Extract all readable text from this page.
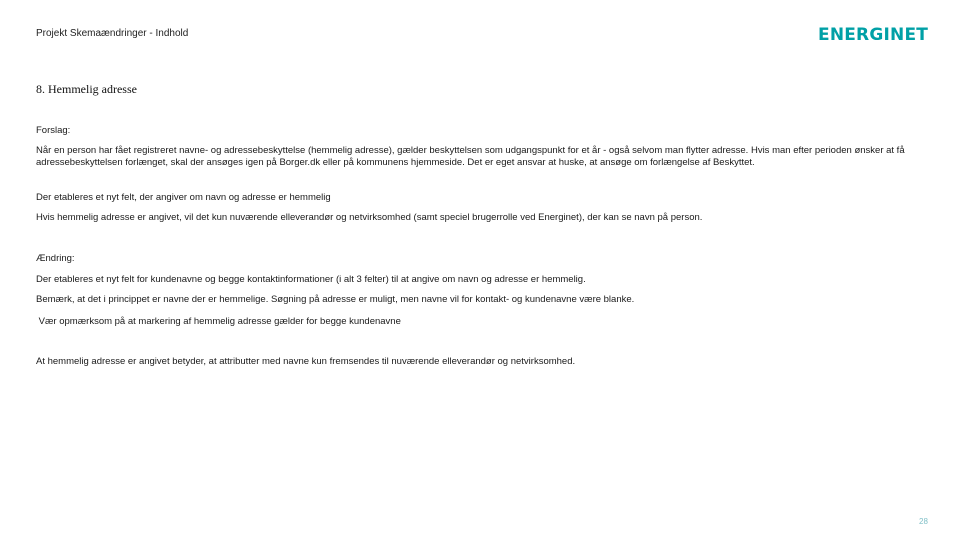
Projekt Skemaændringer - Indhold	ENERGINET
8. Hemmelig adresse
Forslag:
Når en person har fået registreret navne- og adressebeskyttelse (hemmelig adresse), gælder beskyttelsen som udgangspunkt for et år - også selvom man flytter adresse. Hvis man efter perioden ønsker at få adressebeskyttelsen forlænget, skal der ansøges igen på Borger.dk eller på kommunens hjemmeside. Det er eget ansvar at huske, at ansøge om forlængelse af Beskyttet.
Der etableres et nyt felt, der angiver om navn og adresse er hemmelig
Hvis hemmelig adresse er angivet, vil det kun nuværende elleverandør og netvirksomhed (samt speciel brugerrolle ved Energinet), der kan se navn på person.
Ændring:
Der etableres et nyt felt for kundenavne og begge kontaktinformationer (i alt 3 felter) til at angive om navn og adresse er hemmelig.
Bemærk, at det i princippet er navne der er hemmelige. Søgning på adresse er muligt, men navne vil for kontakt- og kundenavne være blanke.
Vær opmærksom på at markering af hemmelig adresse gælder for begge kundenavne
At hemmelig adresse er angivet betyder, at attributter med navne kun fremsendes til nuværende elleverandør og netvirksomhed.
28
